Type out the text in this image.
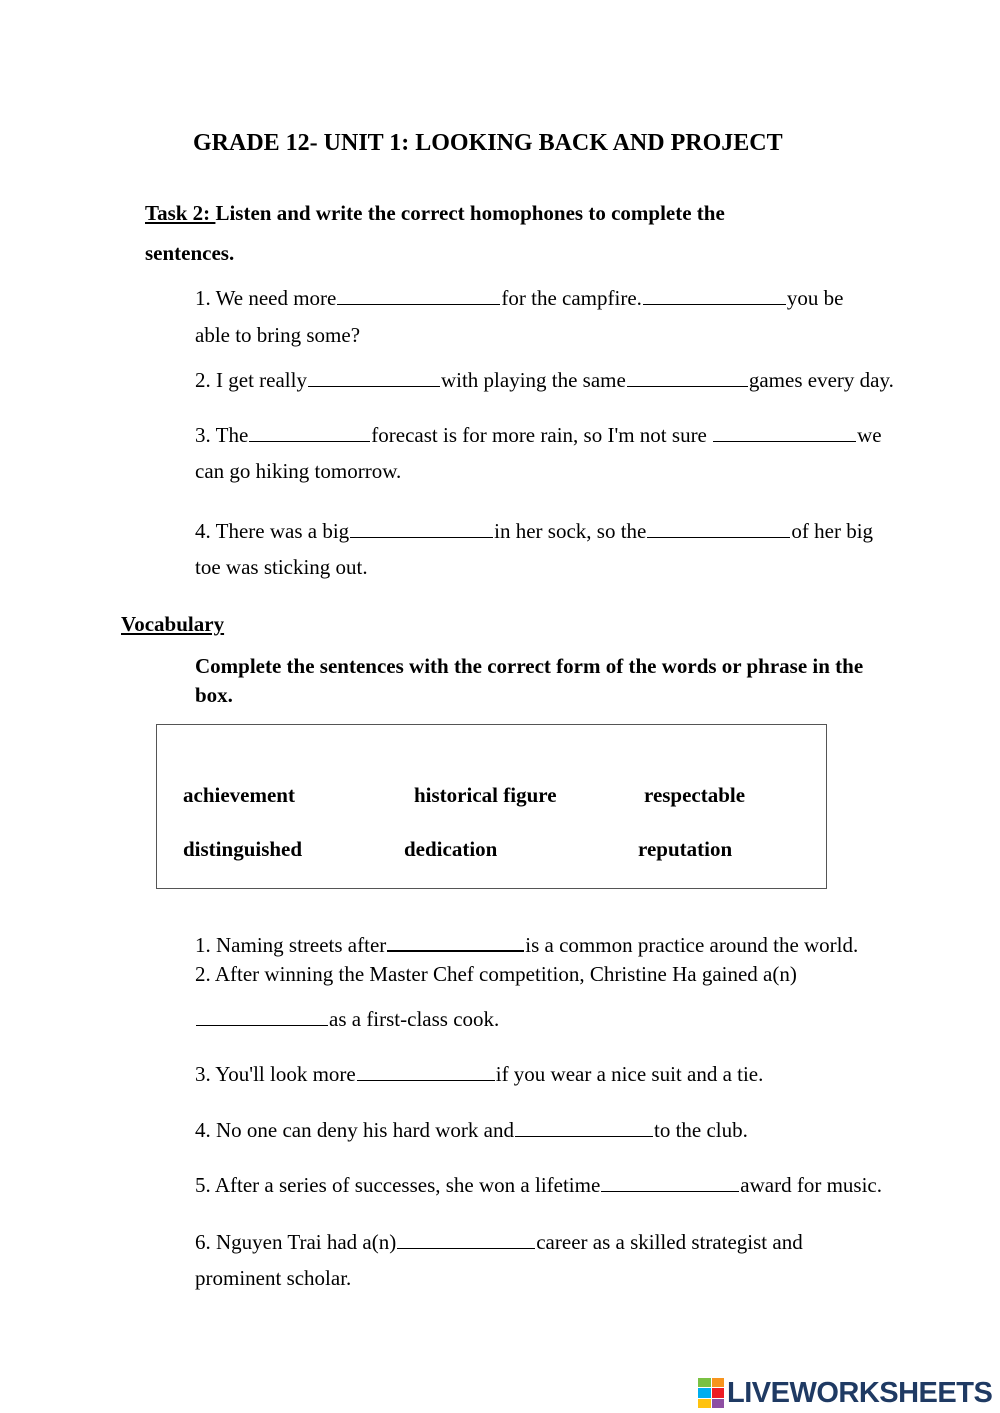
GRADE 12- UNIT 1: LOOKING BACK AND PROJECT
Task 2: Listen and write the correct homophones to complete the
sentences.
1. We need more	for the campfire.	you be
able to bring some?
2. I get really	with playing the same	games every day.
3. The	forecast is for more rain, so I'm not sure	we
can go hiking tomorrow.
4. There was a big	in her sock, so the	of her big
toe was sticking out.
Vocabulary
Complete the sentences with the correct form of the words or phrase in the
box.
achievement	historical figure	respectable
distinguished	dedication	reputation
1. Naming streets after	is a common practice around the world.
2. After winning the Master Chef competition, Christine Ha gained a(n)
as a first-class cook.
3. You'll look more	if you wear a nice suit and a tie.
4. No one can deny his hard work and	to the club.
5. After a series of successes, she won a lifetime	award for music.
6. Nguyen Trai had a(n)	career as a skilled strategist and
prominent scholar.
LIVEWORKSHEETS
